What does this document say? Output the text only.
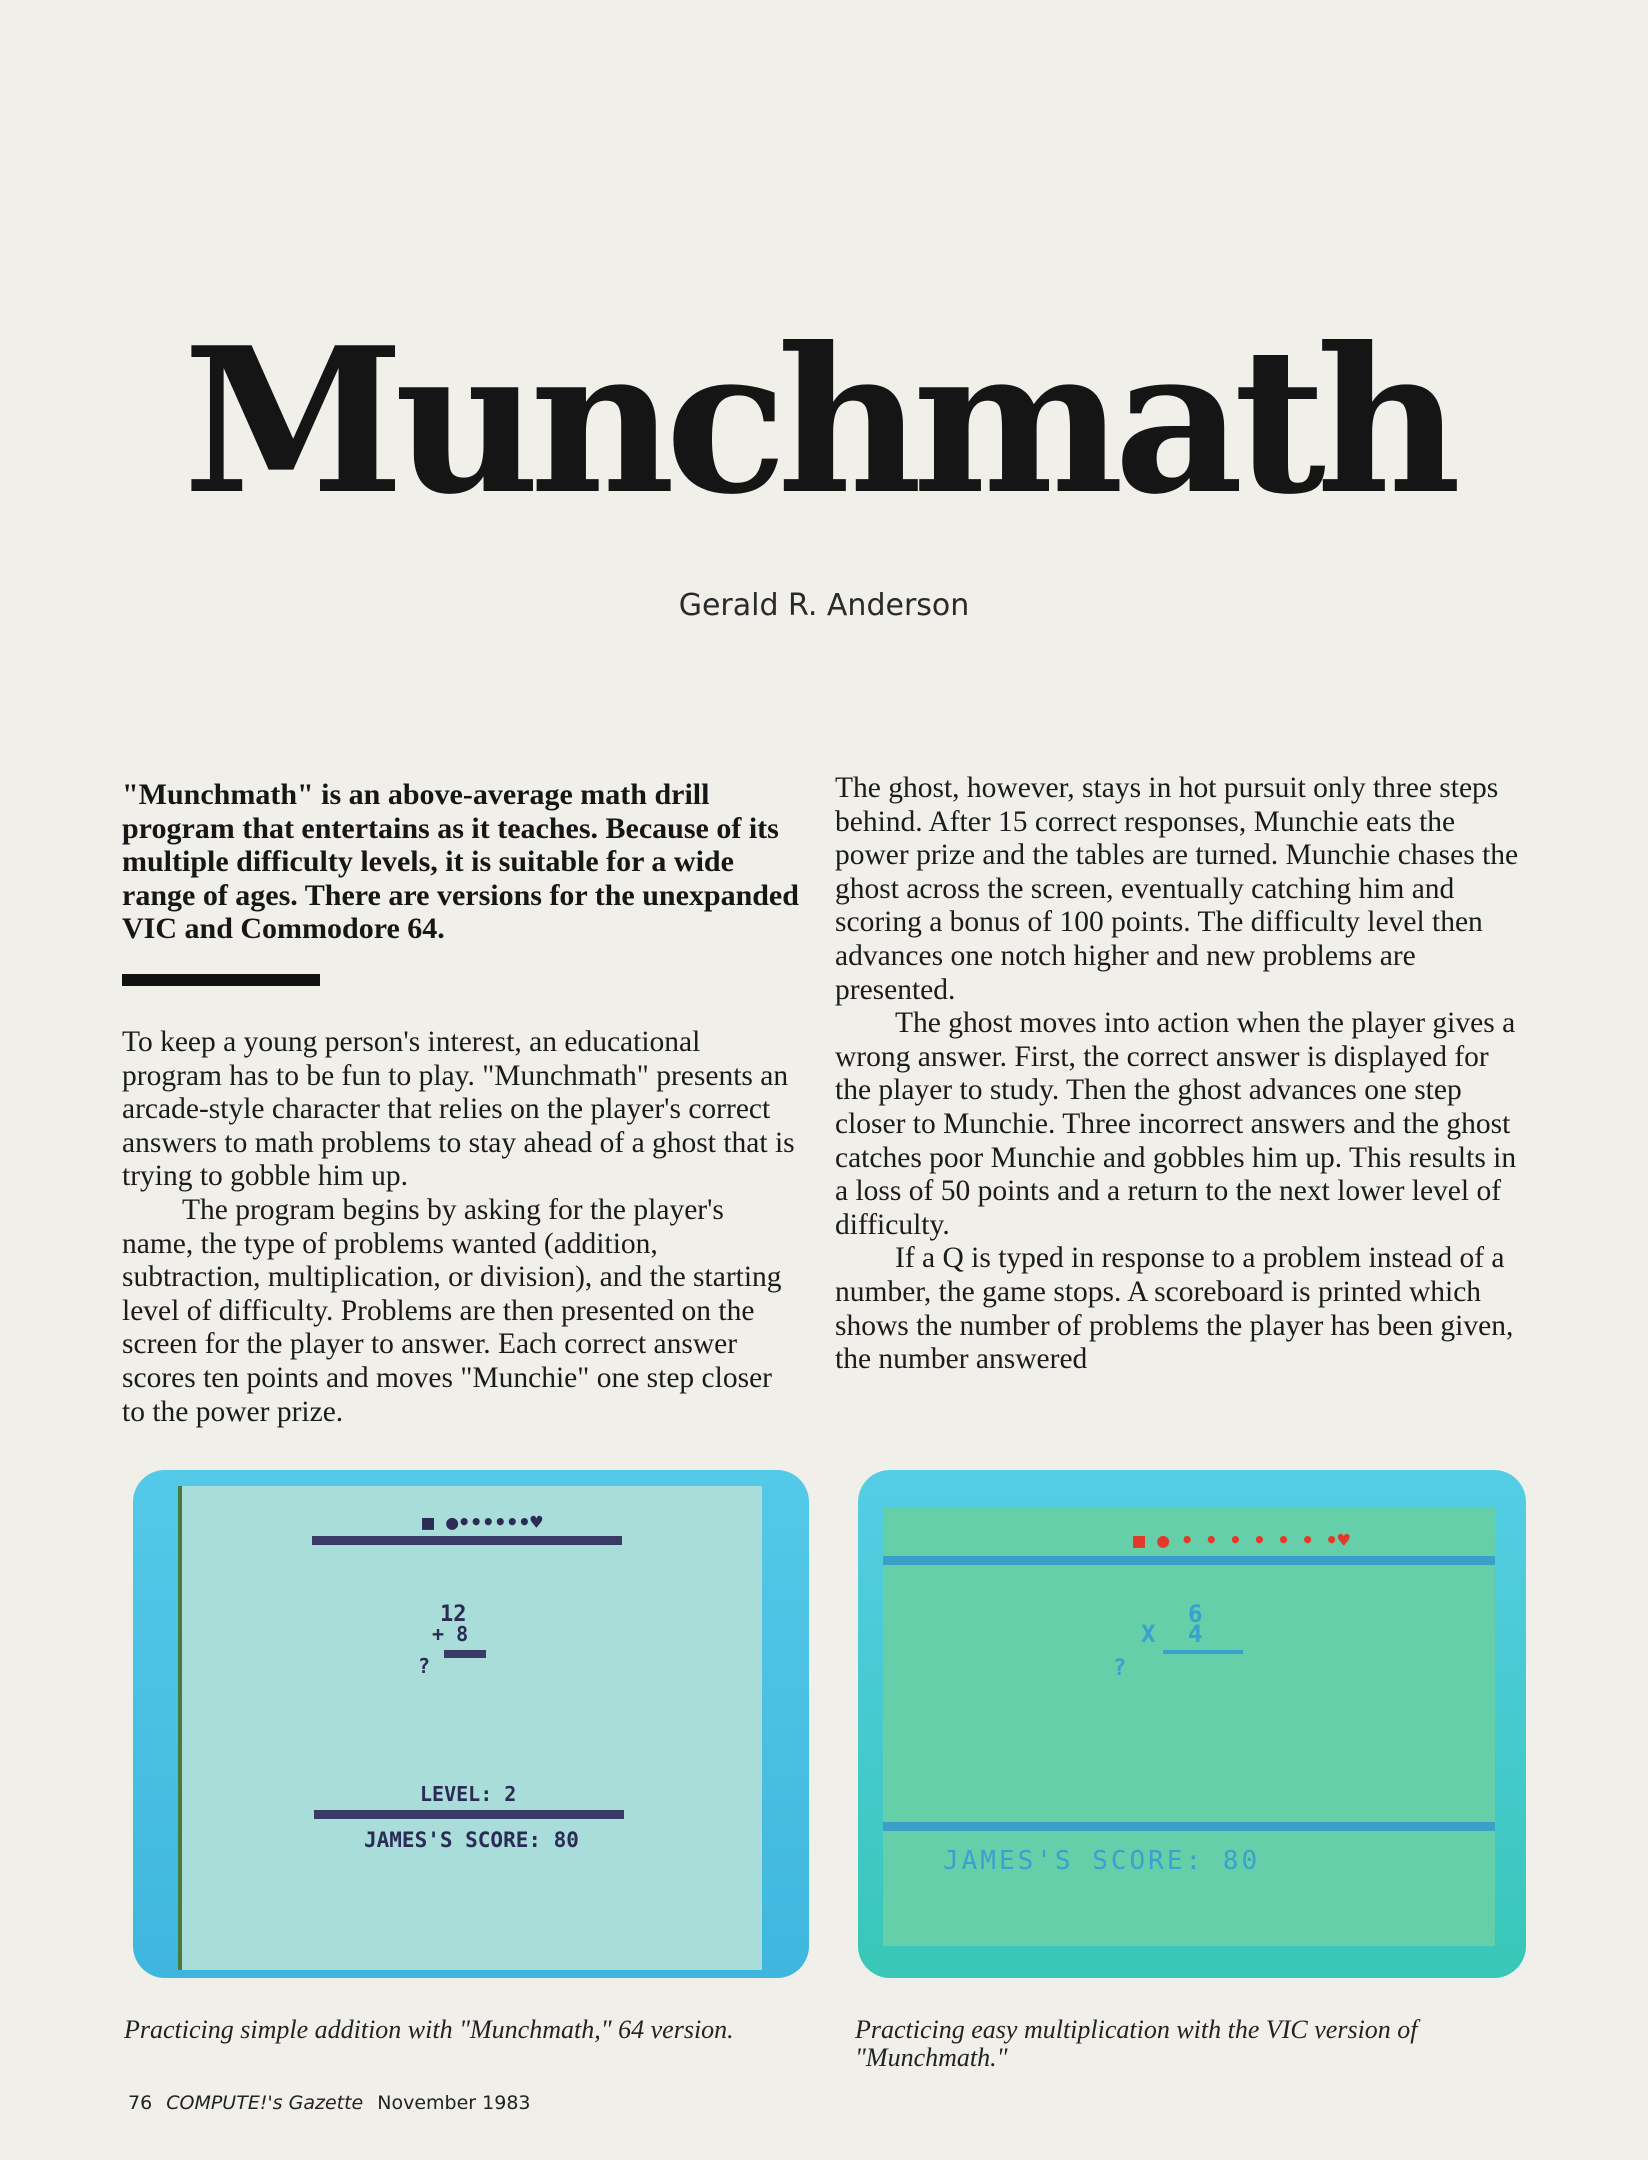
Munchmath
Gerald R. Anderson

"Munchmath" is an above-average math drill program that entertains as it teaches. Because of its multiple difficulty levels, it is suitable for a wide range of ages. There are versions for the unexpanded VIC and Commodore 64.

To keep a young person's interest, an educational program has to be fun to play. "Munchmath" presents an arcade-style character that relies on the player's correct answers to math problems to stay ahead of a ghost that is trying to gobble him up.

The program begins by asking for the player's name, the type of problems wanted (addition, subtraction, multiplication, or division), and the starting level of difficulty. Problems are then presented on the screen for the player to answer. Each correct answer scores ten points and moves "Munchie" one step closer to the power prize.

The ghost, however, stays in hot pursuit only three steps behind. After 15 correct responses, Munchie eats the power prize and the tables are turned. Munchie chases the ghost across the screen, eventually catching him and scoring a bonus of 100 points. The difficulty level then advances one notch higher and new problems are presented.

The ghost moves into action when the player gives a wrong answer. First, the correct answer is displayed for the player to study. Then the ghost advances one step closer to Munchie. Three incorrect answers and the ghost catches poor Munchie and gobbles him up. This results in a loss of 50 points and a return to the next lower level of difficulty.

If a Q is typed in response to a problem instead of a number, the game stops. A scoreboard is printed which shows the number of problems the player has been given, the number answered

■ ●••••••♥
12
+ 8
?
LEVEL: 2
JAMES'S SCORE: 80
■ ● • • • • • • •♥
6
X 4
?
JAMES'S SCORE: 80
Practicing simple addition with "Munchmath," 64 version.	Practicing easy multiplication with the VIC version of "Munchmath."
76 COMPUTE!'s Gazette November 1983
